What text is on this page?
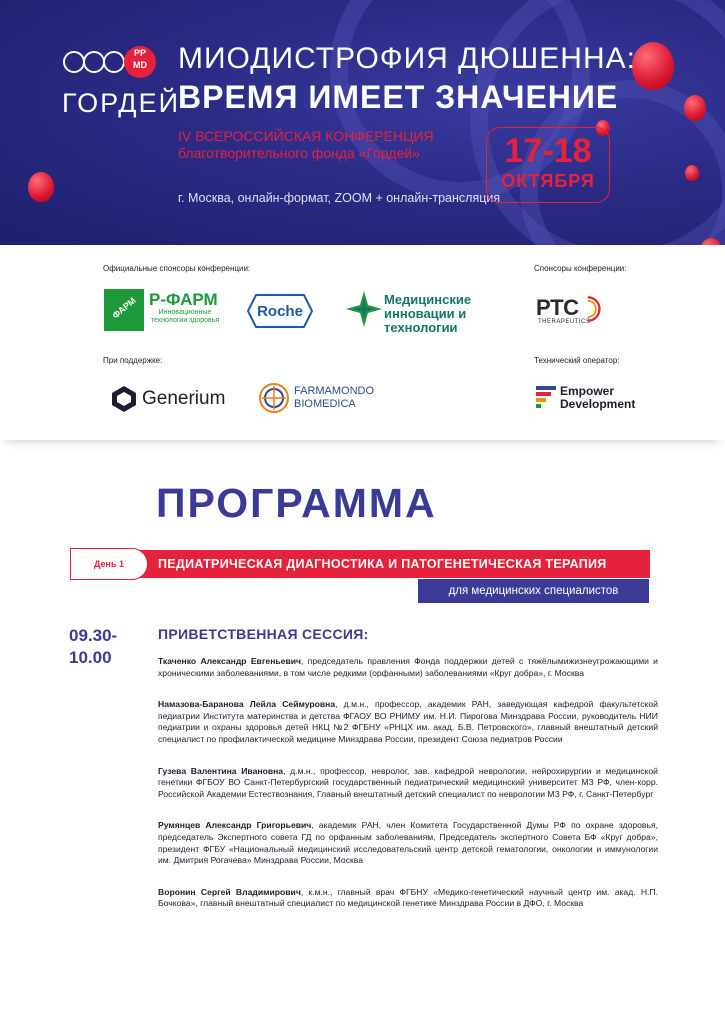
PP
MD
ГОРДЕЙ
МИОДИСТРОФИЯ ДЮШЕННА:
ВРЕМЯ ИМЕЕТ ЗНАЧЕНИЕ
IV ВСЕРОССИЙСКАЯ КОНФЕРЕНЦИЯ
благотворительного фонда «Гордей»
г. Москва, онлайн-формат, ZOOM + онлайн-трансляция
17-18
ОКТЯБРЯ
Официальные спонсоры конференции:	Спонсоры конференции:
ФАРМ Р-ФАРМ
Инновационные технологии здоровья
Roche
Медицинские
инновации и
технологии
PTC
THERAPEUTICS
При поддержке:	Технический оператор:
Generium	FARMAMONDO
BIOMEDICA
Empower
Development
ПРОГРАММА
День 1	ПЕДИАТРИЧЕСКАЯ ДИАГНОСТИКА И ПАТОГЕНЕТИЧЕСКАЯ ТЕРАПИЯ
для медицинских специалистов
09.30-
10.00
ПРИВЕТСТВЕННАЯ СЕССИЯ:

Ткаченко Александр Евгеньевич, председатель правления Фонда поддержки детей с тяжёлымижизнеугрожающими и хроническими заболеваниями, в том числе редкими (орфанными) заболеваниями «Круг добра», г. Москва

Намазова-Баранова Лейла Сеймуровна, д.м.н., профессор, академик РАН, заведующая кафедрой факультетской педиатрии Института материнства и детства ФГАОУ ВО РНИМУ им. Н.И. Пирогова Минздрава России, руководитель НИИ педиатрии и охраны здоровья детей НКЦ №2 ФГБНУ «РНЦХ им. акад. Б.В. Петровского», главный внештатный детский специалист по профилактической медицине Минздрава России, президент Союза педиатров России

Гузева Валентина Ивановна, д.м.н., профессор, невролог, зав. кафедрой неврологии, нейрохирургии и медицинской генетики ФГБОУ ВО Санкт-Петербургский государственный педиатрический медицинский университет МЗ РФ, член-корр. Российской Академии Естествознания, Главный внештатный детский специалист по неврологии МЗ РФ, г. Санкт-Петербург

Румянцев Александр Григорьевич, академик РАН, член Комитета Государственной Думы РФ по охране здоровья, председатель Экспертного совета ГД по орфанным заболеваниям, Председатель экспертного Совета БФ «Круг добра», президент ФГБУ «Национальный медицинский исследовательский центр детской гематологии, онкологии и иммунологии им. Дмитрия Рогачева» Минздрава России, Москва

Воронин Сергей Владимирович, к.м.н., главный врач ФГБНУ «Медико-генетический научный центр им. акад. Н.П. Бочкова», главный внештатный специалист по медицинской генетике Минздрава России в ДФО, г. Москва
